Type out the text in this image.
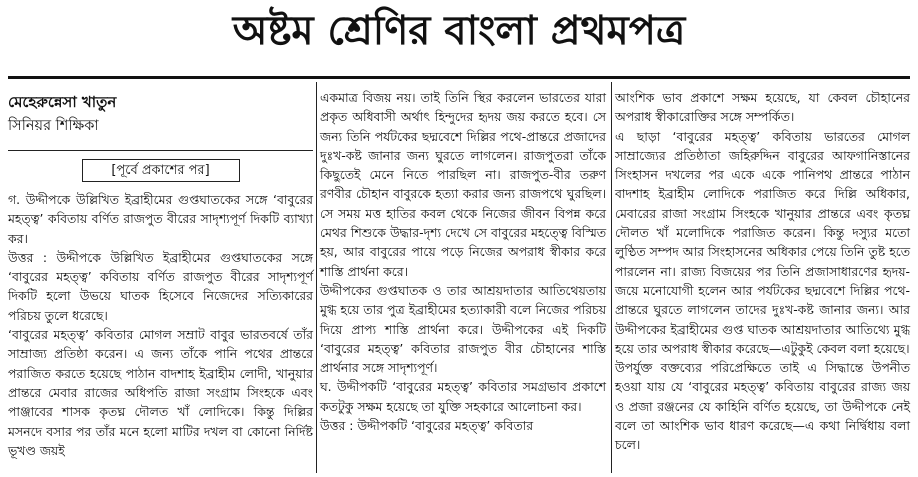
অষ্টম শ্রেণির বাংলা প্রথমপত্র

মেহেরুন্নেসা খাতুন

সিনিয়র শিক্ষিকা

[পূর্বে প্রকাশের পর]

গ. উদ্দীপকে উল্লিখিত ইব্রাহীমের গুপ্তঘাতকের সঙ্গে ‘বাবুরের মহত্ত্ব’ কবিতায় বর্ণিত রাজপুত বীরের সাদৃশ্যপূর্ণ দিকটি ব্যাখ্যা কর।

উত্তর : উদ্দীপকে উল্লিখিত ইব্রাহীমের গুপ্তঘাতকের সঙ্গে ‘বাবুরের মহত্ত্ব’ কবিতায় বর্ণিত রাজপুত বীরের সাদৃশ্যপূর্ণ দিকটি হলো উভয়ে ঘাতক হিসেবে নিজেদের সত্যিকারের পরিচয় তুলে ধরেছে।

‘বাবুরের মহত্ত্ব’ কবিতার মোগল সম্রাট বাবুর ভারতবর্ষে তাঁর সাম্রাজ্য প্রতিষ্ঠা করেন। এ জন্য তাঁকে পানি পথের প্রান্তরে পরাজিত করতে হয়েছে পাঠান বাদশাহ ইব্রাহীম লোদী, খানুয়ার প্রান্তরে মেবার রাজের অধিপতি রাজা সংগ্রাম সিংহকে এবং পাঞ্জাবের শাসক কৃতঘ্ন দৌলত খাঁ লোদিকে। কিন্তু দিল্লির মসনদে বসার পর তাঁর মনে হলো মাটির দখল বা কোনো নির্দিষ্ট ভূখণ্ড জয়ই

একমাত্র বিজয় নয়। তাই তিনি স্থির করলেন ভারতের যারা প্রকৃত অধিবাসী অর্থাৎ হিন্দুদের হৃদয় জয় করতে হবে। সে জন্য তিনি পর্যটকের ছদ্মবেশে দিল্লির পথে-প্রান্তরে প্রজাদের দুঃখ-কষ্ট জানার জন্য ঘুরতে লাগলেন। রাজপুতরা তাঁকে কিছুতেই মেনে নিতে পারছিল না। রাজপুত-বীর তরুণ রণবীর চৌহান বাবুরকে হত্যা করার জন্য রাজপথে ঘুরছিল। সে সময় মত্ত হাতির কবল থেকে নিজের জীবন বিপন্ন করে মেথর শিশুকে উদ্ধার-দৃশ্য দেখে সে বাবুরের মহত্ত্বে বিস্মিত হয়, আর বাবুরের পায়ে পড়ে নিজের অপরাধ স্বীকার করে শাস্তি প্রার্থনা করে।

উদ্দীপকের গুপ্তঘাতক ও তার আশ্রয়দাতার আতিথেয়তায় মুগ্ধ হয়ে তার পুত্র ইব্রাহীমের হত্যাকারী বলে নিজের পরিচয় দিয়ে প্রাপ্য শাস্তি প্রার্থনা করে। উদ্দীপকের এই দিকটি ‘বাবুরের মহত্ত্ব’ কবিতার রাজপুত বীর চৌহানের শাস্তি প্রার্থনার সঙ্গে সাদৃশ্যপূর্ণ।

ঘ. উদ্দীপকটি ‘বাবুরের মহত্ত্ব’ কবিতার সমগ্রভাব প্রকাশে কতটুকু সক্ষম হয়েছে তা যুক্তি সহকারে আলোচনা কর।

উত্তর : উদ্দীপকটি ‘বাবুরের মহত্ত্ব’ কবিতার

আংশিক ভাব প্রকাশে সক্ষম হয়েছে, যা কেবল চৌহানের অপরাধ স্বীকারোক্তির সঙ্গে সম্পর্কিত।

এ ছাড়া ‘বাবুরের মহত্ত্ব’ কবিতায় ভারতের মোগল সাম্রাজ্যের প্রতিষ্ঠাতা জহিরুদ্দিন বাবুরের আফগানিস্তানের সিংহাসন দখলের পর একে একে পানিপথ প্রান্তরে পাঠান বাদশাহ ইব্রাহীম লোদিকে পরাজিত করে দিল্লি অধিকার, মেবারের রাজা সংগ্রাম সিংহকে খানুয়ার প্রান্তরে এবং কৃতঘ্ন দৌলত খাঁ মলোদিকে পরাজিত করেন। কিন্তু দস্যুর মতো লুণ্ঠিত সম্পদ আর সিংহাসনের অধিকার পেয়ে তিনি তুষ্ট হতে পারলেন না। রাজ্য বিজয়ের পর তিনি প্রজাসাধারণের হৃদয়-জয়ে মনোযোগী হলেন আর পর্যটকের ছদ্মবেশে দিল্লির পথে-প্রান্তরে ঘুরতে লাগলেন তাদের দুঃখ-কষ্ট জানার জন্য। আর উদ্দীপকের ইব্রাহীমের গুপ্ত ঘাতক আশ্রয়দাতার আতিথ্যে মুগ্ধ হয়ে তার অপরাধ স্বীকার করেছে—এটুকুই কেবল বলা হয়েছে।

উপর্যুক্ত বক্তব্যের পরিপ্রেক্ষিতে তাই এ সিদ্ধান্তে উপনীত হওয়া যায় যে ‘বাবুরের মহত্ত্ব’ কবিতায় বাবুরের রাজ্য জয় ও প্রজা রঞ্জনের যে কাহিনি বর্ণিত হয়েছে, তা উদ্দীপকে নেই বলে তা আংশিক ভাব ধারণ করেছে—এ কথা নির্দ্বিধায় বলা চলে।
